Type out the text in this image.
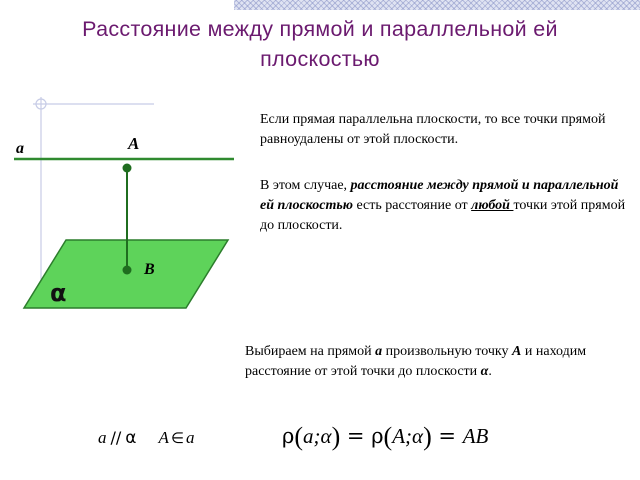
Расстояние между прямой и параллельной ей
плоскостью
a	A
B
α
Если прямая параллельна плоскости, то все точки прямой равноудалены от этой плоскости.
В этом случае, расстояние между прямой и параллельной ей плоскостью есть расстояние от любой точки этой прямой до плоскости.
Выбираем на прямой a произвольную точку A и находим расстояние от этой точки до плоскости α.
a // α A ∈ a	ρ(a;α) = ρ(A;α) = AB
